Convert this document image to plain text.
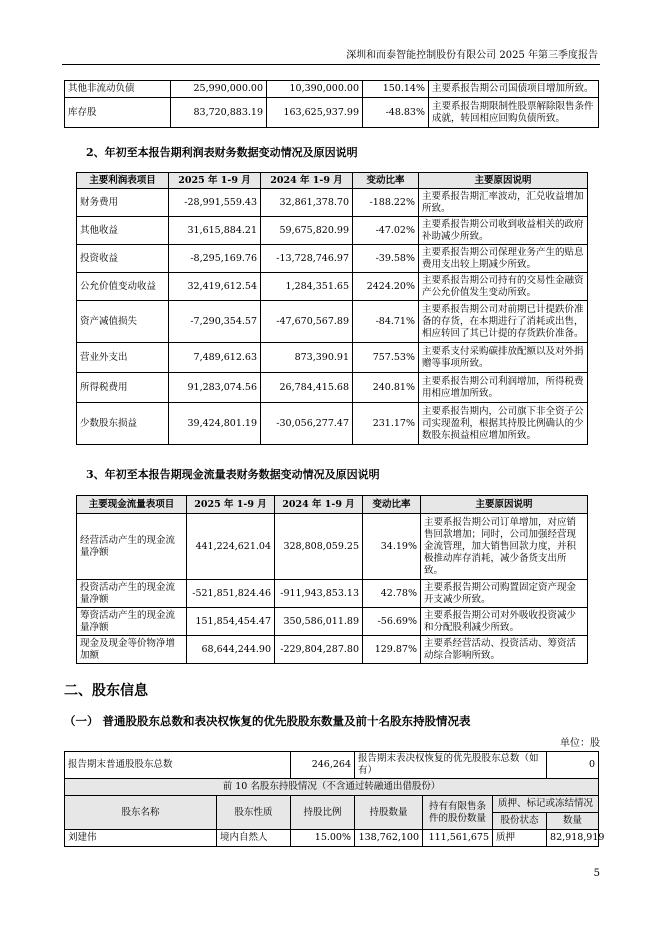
深圳和而泰智能控制股份有限公司 2025 年第三季度报告
其他非流动负债	25,990,000.00	10,390,000.00	150.14%	主要系报告期公司国债项目增加所致。
库存股	83,720,883.19	163,625,937.99	-48.83%	主要系报告期限制性股票解除限售条件成就，转回相应回购负债所致。
2、年初至本报告期利润表财务数据变动情况及原因说明
主要利润表项目	2025 年 1-9 月	2024 年 1-9 月	变动比率	主要原因说明
财务费用	-28,991,559.43	32,861,378.70	-188.22%	主要系报告期汇率波动，汇兑收益增加所致。
其他收益	31,615,884.21	59,675,820.99	-47.02%	主要系报告期公司收到收益相关的政府补助减少所致。
投资收益	-8,295,169.76	-13,728,746.97	-39.58%	主要系报告期公司保理业务产生的贴息费用支出较上期减少所致。
公允价值变动收益	32,419,612.54	1,284,351.65	2424.20%	主要系报告期公司持有的交易性金融资产公允价值发生变动所致。
资产减值损失	-7,290,354.57	-47,670,567.89	-84.71%	主要系报告期公司对前期已计提跌价准备的存货，在本期进行了消耗或出售，相应转回了其已计提的存货跌价准备。
营业外支出	7,489,612.63	873,390.91	757.53%	主要系支付采购碳排放配额以及对外捐赠等事项所致。
所得税费用	91,283,074.56	26,784,415.68	240.81%	主要系报告期公司利润增加，所得税费用相应增加所致。
少数股东损益	39,424,801.19	-30,056,277.47	231.17%	主要系报告期内，公司旗下非全资子公司实现盈利，根据其持股比例确认的少数股东损益相应增加所致。
3、年初至本报告期现金流量表财务数据变动情况及原因说明
主要现金流量表项目	2025 年 1-9 月	2024 年 1-9 月	变动比率	主要原因说明
经营活动产生的现金流量净额	441,224,621.04	328,808,059.25	34.19%	主要系报告期公司订单增加，对应销售回款增加；同时，公司加强经营现金流管理，加大销售回款力度，并积极推动库存消耗，减少备货支出所致。
投资活动产生的现金流量净额	-521,851,824.46	-911,943,853.13	42.78%	主要系报告期公司购置固定资产现金开支减少所致。
筹资活动产生的现金流量净额	151,854,454.47	350,586,011.89	-56.69%	主要系报告期公司对外吸收投资减少和分配股利减少所致。
现金及现金等价物净增加额	68,644,244.90	-229,804,287.80	129.87%	主要系经营活动、投资活动、筹资活动综合影响所致。
二、股东信息
（一） 普通股股东总数和表决权恢复的优先股股东数量及前十名股东持股情况表
单位：股
报告期末普通股股东总数		246,264	报告期末表决权恢复的优先股股东总数（如有）			0
前 10 名股东持股情况（不含通过转融通出借股份）						
股东名称	股东性质	持股比例	持股数量	持有有限售条件的股份数量	质押、标记或冻结情况	
					股份状态	数量
刘建伟	境内自然人	15.00%	138,762,100	111,561,675	质押	82,918,919
5
